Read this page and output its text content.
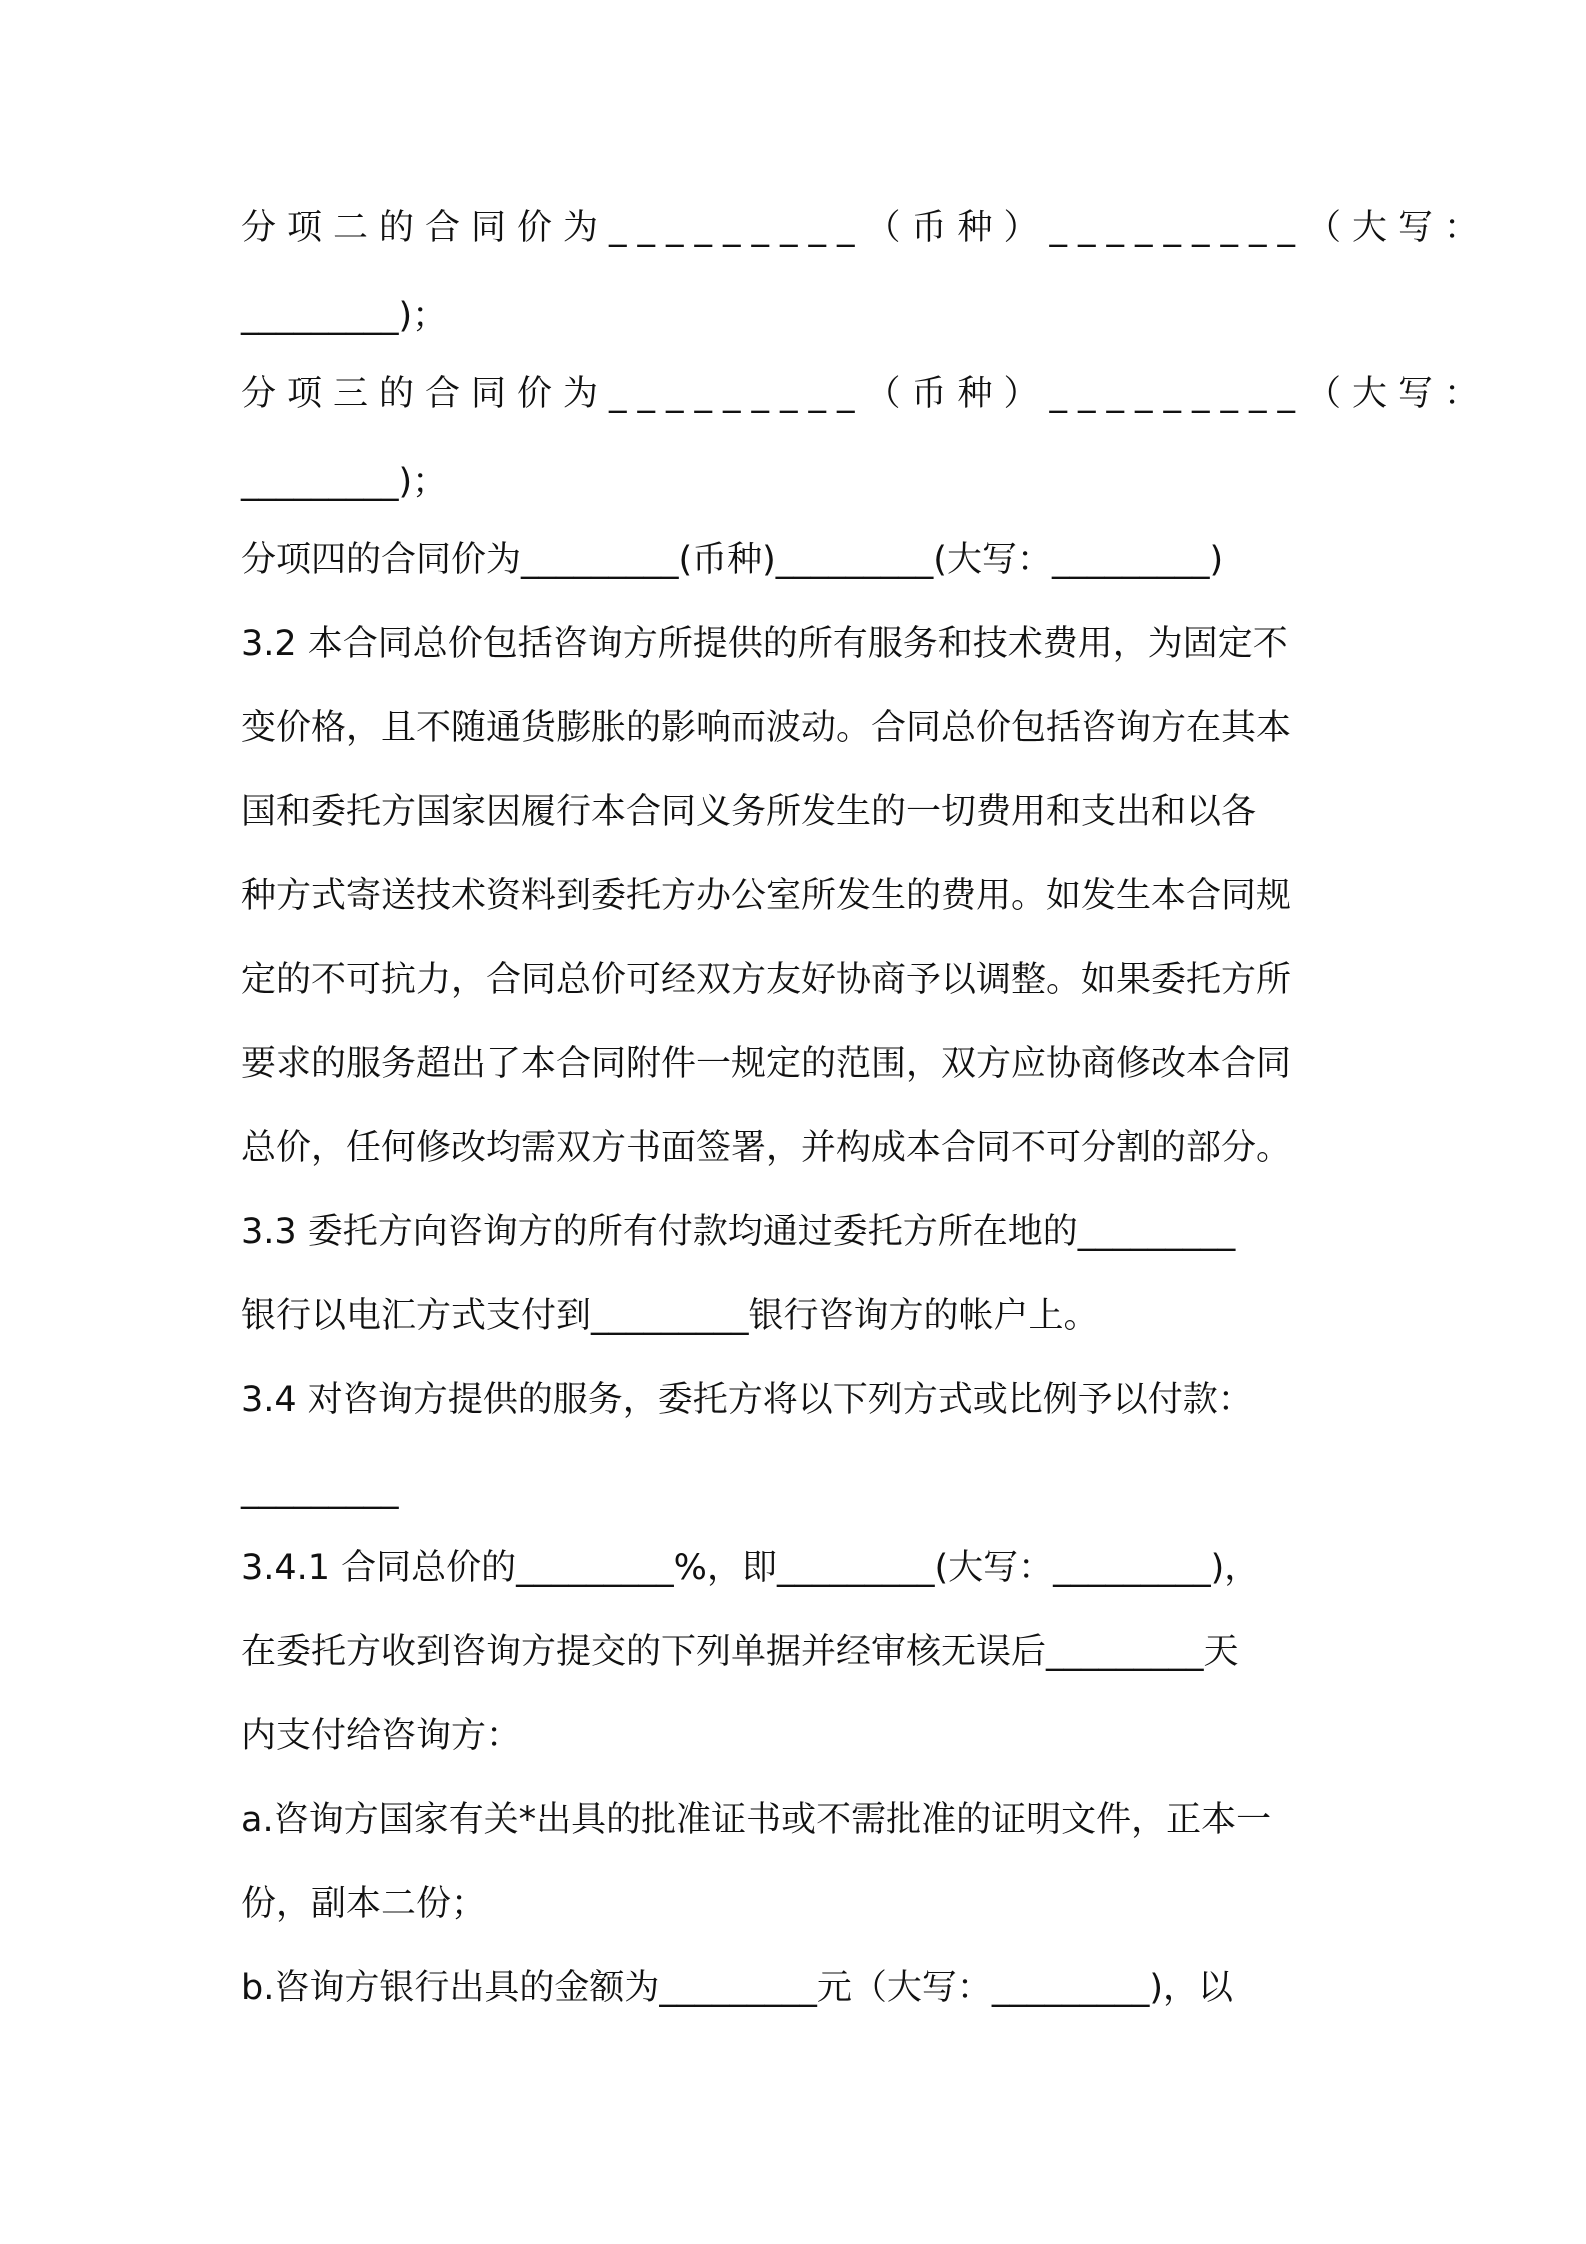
分项二的合同价为_________（币种）_________（大写：
_________)；
分项三的合同价为_________（币种）_________（大写：
_________)；
分项四的合同价为_________(币种)_________(大写：_________)
3.2 本合同总价包括咨询方所提供的所有服务和技术费用，为固定不
变价格，且不随通货膨胀的影响而波动。合同总价包括咨询方在其本
国和委托方国家因履行本合同义务所发生的一切费用和支出和以各
种方式寄送技术资料到委托方办公室所发生的费用。如发生本合同规
定的不可抗力，合同总价可经双方友好协商予以调整。如果委托方所
要求的服务超出了本合同附件一规定的范围，双方应协商修改本合同
总价，任何修改均需双方书面签署，并构成本合同不可分割的部分。
3.3 委托方向咨询方的所有付款均通过委托方所在地的_________
银行以电汇方式支付到_________银行咨询方的帐户上。
3.4 对咨询方提供的服务，委托方将以下列方式或比例予以付款：
_________
3.4.1 合同总价的_________%，即_________(大写：_________)，
在委托方收到咨询方提交的下列单据并经审核无误后_________天
内支付给咨询方：
a.咨询方国家有关*出具的批准证书或不需批准的证明文件，正本一
份，副本二份；
b.咨询方银行出具的金额为_________元（大写：_________)，以
